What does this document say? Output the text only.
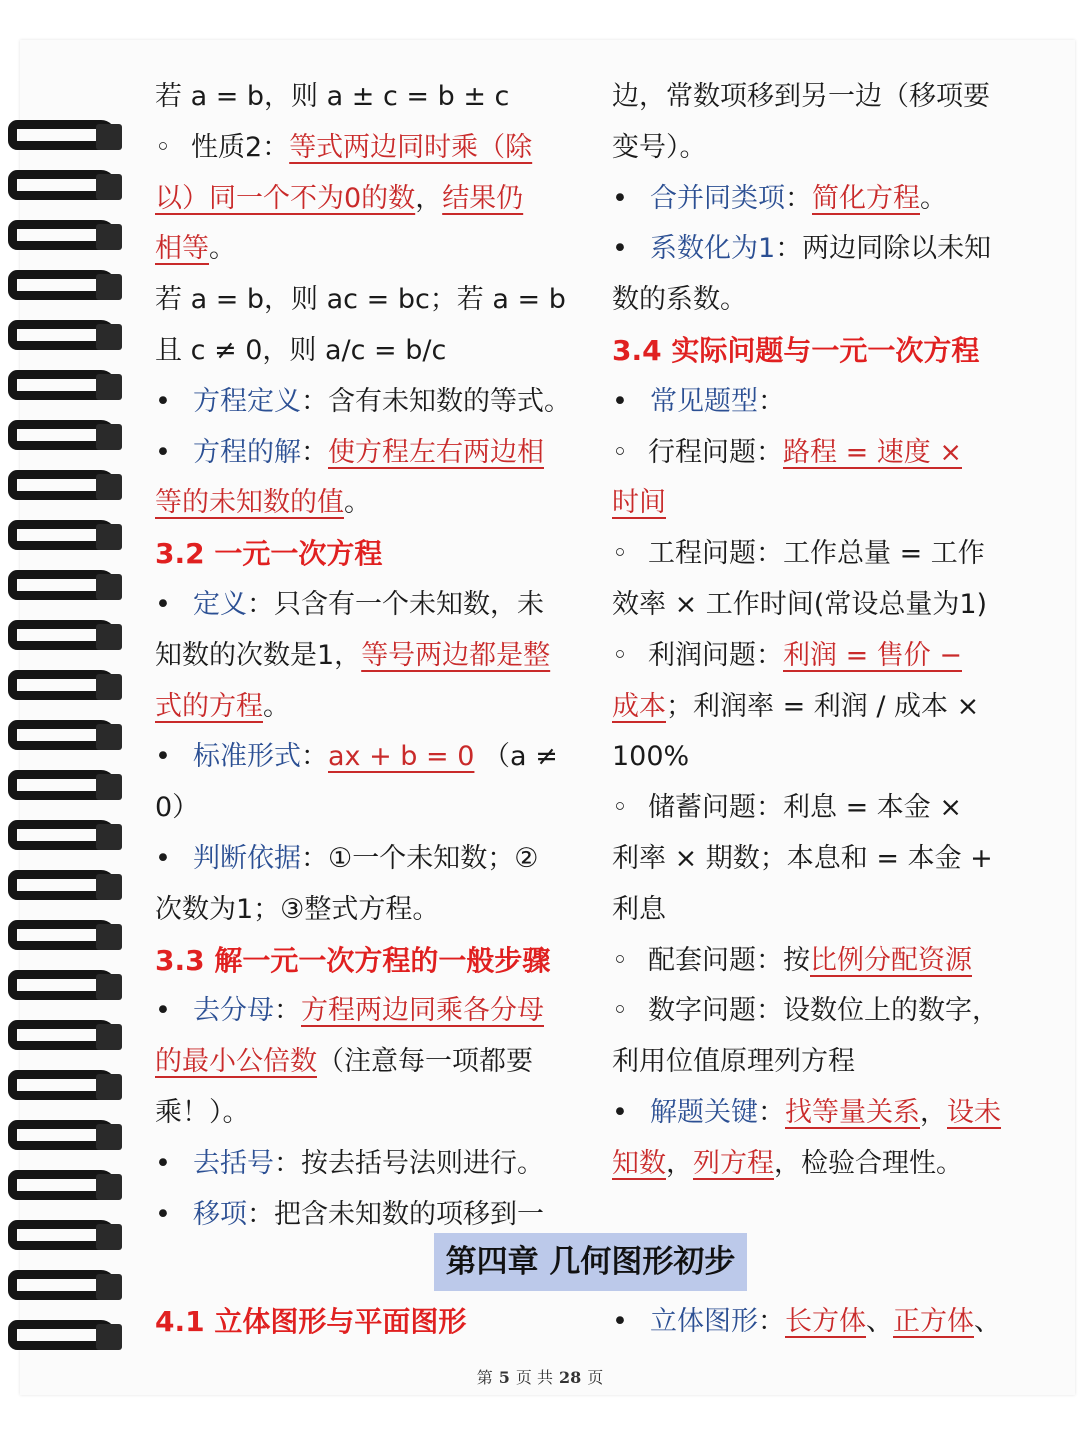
若 a = b，则 a ± c = b ± c
◦ 性质2：等式两边同时乘（除
以）同一个不为0的数，结果仍
相等。
若 a = b，则 ac = bc；若 a = b
且 c ≠ 0，则 a/c = b/c
• 方程定义：含有未知数的等式。
• 方程的解：使方程左右两边相
等的未知数的值。
3.2 一元一次方程
• 定义：只含有一个未知数，未
知数的次数是1，等号两边都是整
式的方程。
• 标准形式：ax + b = 0 （a ≠
0）
• 判断依据：①一个未知数；②
次数为1；③整式方程。
3.3 解一元一次方程的一般步骤
• 去分母：方程两边同乘各分母
的最小公倍数（注意每一项都要
乘！）。
• 去括号：按去括号法则进行。
• 移项：把含未知数的项移到一
边，常数项移到另一边（移项要
变号）。
• 合并同类项：简化方程。
• 系数化为1：两边同除以未知
数的系数。
3.4 实际问题与一元一次方程
• 常见题型：
◦ 行程问题：路程 = 速度 ×
时间
◦ 工程问题：工作总量 = 工作
效率 × 工作时间(常设总量为1)
◦ 利润问题：利润 = 售价 −
成本；利润率 = 利润 / 成本 ×
100%
◦ 储蓄问题：利息 = 本金 ×
利率 × 期数；本息和 = 本金 +
利息
◦ 配套问题：按比例分配资源
◦ 数字问题：设数位上的数字，
利用位值原理列方程
• 解题关键：找等量关系，设未
知数，列方程，检验合理性。
第四章 几何图形初步
4.1 立体图形与平面图形	• 立体图形：长方体、正方体、
第 5 页 共 28 页
